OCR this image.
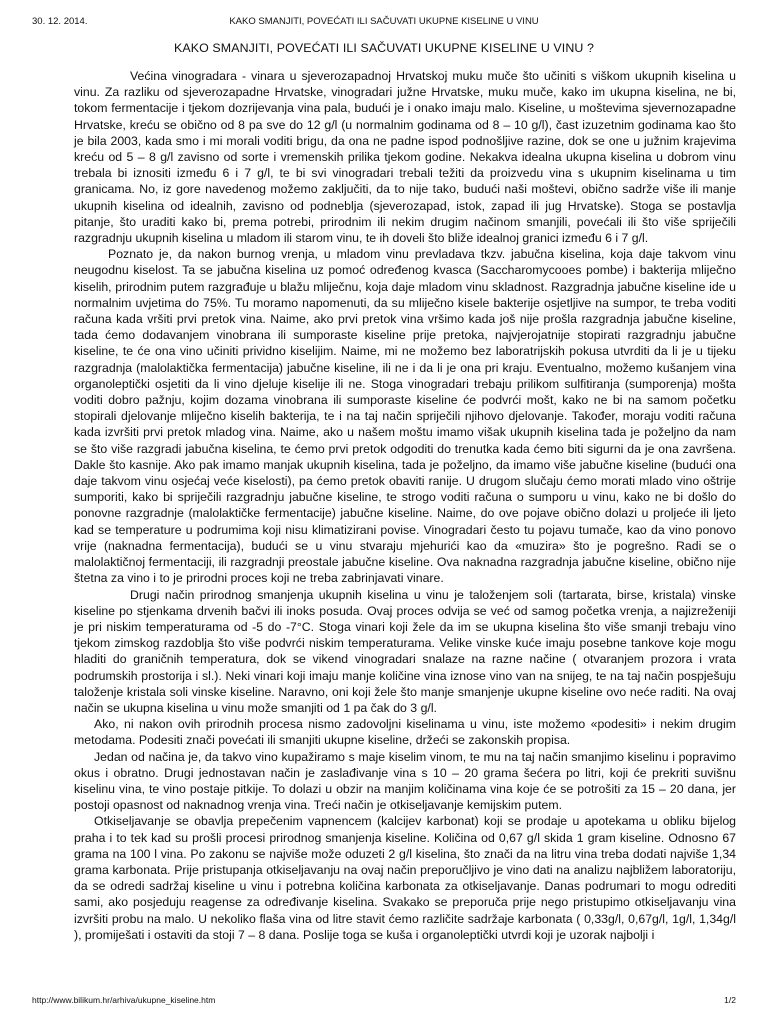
30. 12. 2014.	KAKO SMANJITI, POVEĆATI ILI SAČUVATI UKUPNE KISELINE U VINU
KAKO SMANJITI, POVEĆATI ILI SAČUVATI UKUPNE KISELINE U VINU ?

Većina vinogradara - vinara u sjeverozapadnoj Hrvatskoj muku muče što učiniti s viškom ukupnih kiselina u vinu. Za razliku od sjeverozapadne Hrvatske, vinogradari južne Hrvatske, muku muče, kako im ukupna kiselina, ne bi, tokom fermentacije i tjekom dozrijevanja vina pala, budući je i onako imaju malo. Kiseline, u moštevima sjevernozapadne Hrvatske, kreću se obično od 8 pa sve do 12 g/l (u normalnim godinama od 8 – 10 g/l), čast izuzetnim godinama kao što je bila 2003, kada smo i mi morali voditi brigu, da ona ne padne ispod podnošljive razine, dok se one u južnim krajevima kreću od 5 – 8 g/l zavisno od sorte i vremenskih prilika tjekom godine. Nekakva idealna ukupna kiselina u dobrom vinu trebala bi iznositi između 6 i 7 g/l, te bi svi vinogradari trebali težiti da proizvedu vina s ukupnim kiselinama u tim granicama. No, iz gore navedenog možemo zaključiti, da to nije tako, budući naši moštevi, obično sadrže više ili manje ukupnih kiselina od idealnih, zavisno od podneblja (sjeverozapad, istok, zapad ili jug Hrvatske). Stoga se postavlja pitanje, što uraditi kako bi, prema potrebi, prirodnim ili nekim drugim načinom smanjili, povećali ili što više spriječili razgradnju ukupnih kiselina u mladom ili starom vinu, te ih doveli što bliže idealnoj granici između 6 i 7 g/l.

Poznato je, da nakon burnog vrenja, u mladom vinu prevladava tkzv. jabučna kiselina, koja daje takvom vinu neugodnu kiselost. Ta se jabučna kiselina uz pomoć određenog kvasca (Saccharomycooes pombe) i bakterija mliječno kiselih, prirodnim putem razgrađuje u blažu mliječnu, koja daje mladom vinu skladnost. Razgradnja jabučne kiseline ide u normalnim uvjetima do 75%. Tu moramo napomenuti, da su mliječno kisele bakterije osjetljive na sumpor, te treba voditi računa kada vršiti prvi pretok vina. Naime, ako prvi pretok vina vršimo kada još nije prošla razgradnja jabučne kiseline, tada ćemo dodavanjem vinobrana ili sumporaste kiseline prije pretoka, najvjerojatnije stopirati razgradnju jabučne kiseline, te će ona vino učiniti prividno kiselijim. Naime, mi ne možemo bez laboratrijskih pokusa utvrditi da li je u tijeku razgradnja (malolaktička fermentacija) jabučne kiseline, ili ne i da li je ona pri kraju. Eventualno, možemo kušanjem vina organoleptički osjetiti da li vino djeluje kiselije ili ne. Stoga vinogradari trebaju prilikom sulfitiranja (sumporenja) mošta voditi dobro pažnju, kojim dozama vinobrana ili sumporaste kiseline će podvrći mošt, kako ne bi na samom početku stopirali djelovanje mliječno kiselih bakterija, te i na taj način spriječili njihovo djelovanje. Također, moraju voditi računa kada izvršiti prvi pretok mladog vina. Naime, ako u našem moštu imamo višak ukupnih kiselina tada je poželjno da nam se što više razgradi jabučna kiselina, te ćemo prvi pretok odgoditi do trenutka kada ćemo biti sigurni da je ona završena. Dakle što kasnije. Ako pak imamo manjak ukupnih kiselina, tada je poželjno, da imamo više jabučne kiseline (budući ona daje takvom vinu osjećaj veće kiselosti), pa ćemo pretok obaviti ranije. U drugom slučaju ćemo morati mlado vino oštrije sumporiti, kako bi spriječili razgradnju jabučne kiseline, te strogo voditi računa o sumporu u vinu, kako ne bi došlo do ponovne razgradnje (malolaktičke fermentacije) jabučne kiseline. Naime, do ove pojave obično dolazi u proljeće ili ljeto kad se temperature u podrumima koji nisu klimatizirani povise. Vinogradari često tu pojavu tumače, kao da vino ponovo vrije (naknadna fermentacija), budući se u vinu stvaraju mjehurići kao da «muzira» što je pogrešno. Radi se o malolaktičnoj fermentaciji, ili razgradnji preostale jabučne kiseline. Ova naknadna razgradnja jabučne kiseline, obično nije štetna za vino i to je prirodni proces koji ne treba zabrinjavati vinare.

Drugi način prirodnog smanjenja ukupnih kiselina u vinu je taloženjem soli (tartarata, birse, kristala) vinske kiseline po stjenkama drvenih bačvi ili inoks posuda. Ovaj proces odvija se već od samog početka vrenja, a najizreženiji je pri niskim temperaturama od -5 do -7°C. Stoga vinari koji žele da im se ukupna kiselina što više smanji trebaju vino tjekom zimskog razdoblja što više podvrći niskim temperaturama. Velike vinske kuće imaju posebne tankove koje mogu hladiti do graničnih temperatura, dok se vikend vinogradari snalaze na razne načine ( otvaranjem prozora i vrata podrumskih prostorija i sl.). Neki vinari koji imaju manje količine vina iznose vino van na snijeg, te na taj način pospješuju taloženje kristala soli vinske kiseline. Naravno, oni koji žele što manje smanjenje ukupne kiseline ovo neće raditi. Na ovaj način se ukupna kiselina u vinu može smanjiti od 1 pa čak do 3 g/l.

Ako, ni nakon ovih prirodnih procesa nismo zadovoljni kiselinama u vinu, iste možemo «podesiti» i nekim drugim metodama. Podesiti znači povećati ili smanjiti ukupne kiseline, držeći se zakonskih propisa.

Jedan od načina je, da takvo vino kupažiramo s maje kiselim vinom, te mu na taj način smanjimo kiselinu i popravimo okus i obratno. Drugi jednostavan način je zaslađivanje vina s 10 – 20 grama šećera po litri, koji će prekriti suvišnu kiselinu vina, te vino postaje pitkije. To dolazi u obzir na manjim količinama vina koje će se potrošiti za 15 – 20 dana, jer postoji opasnost od naknadnog vrenja vina. Treći način je otkiseljavanje kemijskim putem.

Otkiseljavanje se obavlja prepečenim vapnencem (kalcijev karbonat) koji se prodaje u apotekama u obliku bijelog praha i to tek kad su prošli procesi prirodnog smanjenja kiseline. Količina od 0,67 g/l skida 1 gram kiseline. Odnosno 67 grama na 100 l vina. Po zakonu se najviše može oduzeti 2 g/l kiselina, što znači da na litru vina treba dodati najviše 1,34 grama karbonata. Prije pristupanja otkiseljavanju na ovaj način preporučljivo je vino dati na analizu najbližem laboratoriju, da se odredi sadržaj kiseline u vinu i potrebna količina karbonata za otkiseljavanje. Danas podrumari to mogu odrediti sami, ako posjeduju reagense za određivanje kiselina. Svakako se preporuča prije nego pristupimo otkiseljavanju vina izvršiti probu na malo. U nekoliko flaša vina od litre stavit ćemo različite sadržaje karbonata ( 0,33g/l, 0,67g/l, 1g/l, 1,34g/l ), promiješati i ostaviti da stoji 7 – 8 dana. Poslije toga se kuša i organoleptički utvrdi koji je uzorak najbolji i

http://www.bilikum.hr/arhiva/ukupne_kiseline.htm	1/2
